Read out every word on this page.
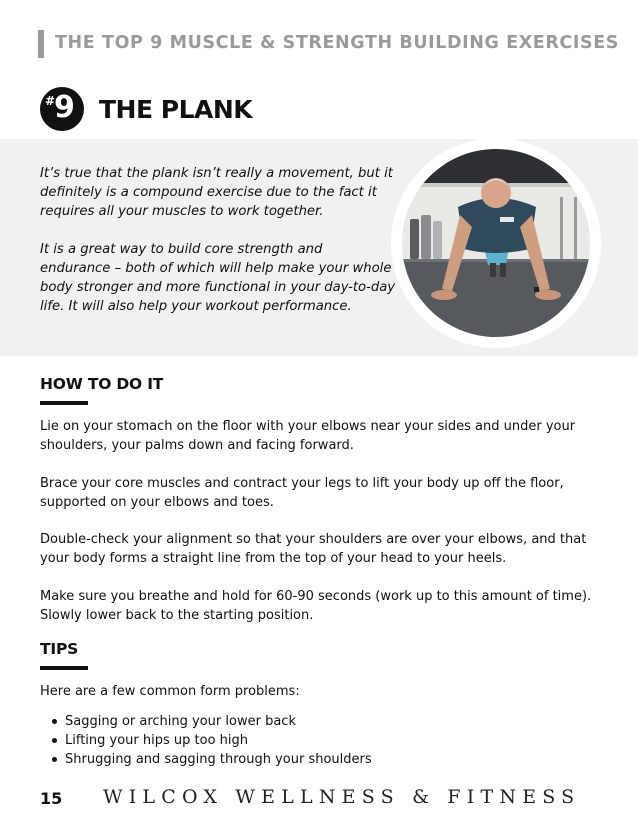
THE TOP 9 MUSCLE & STRENGTH BUILDING EXERCISES
#
9 THE PLANK

It’s true that the plank isn’t really a movement, but it definitely is a compound exercise due to the fact it requires all your muscles to work together.

It is a great way to build core strength and endurance – both of which will help make your whole body stronger and more functional in your day-to-day life. It will also help your workout performance.

HOW TO DO IT
Lie on your stomach on the floor with your elbows near your sides and under your shoulders, your palms down and facing forward.
Brace your core muscles and contract your legs to lift your body up off the floor, supported on your elbows and toes.
Double-check your alignment so that your shoulders are over your elbows, and that your body forms a straight line from the top of your head to your heels.
Make sure you breathe and hold for 60-90 seconds (work up to this amount of time). Slowly lower back to the starting position.
TIPS
Here are a few common form problems:
Sagging or arching your lower back
Lifting your hips up too high
Shrugging and sagging through your shoulders
15 WILCOX WELLNESS & FITNESS
